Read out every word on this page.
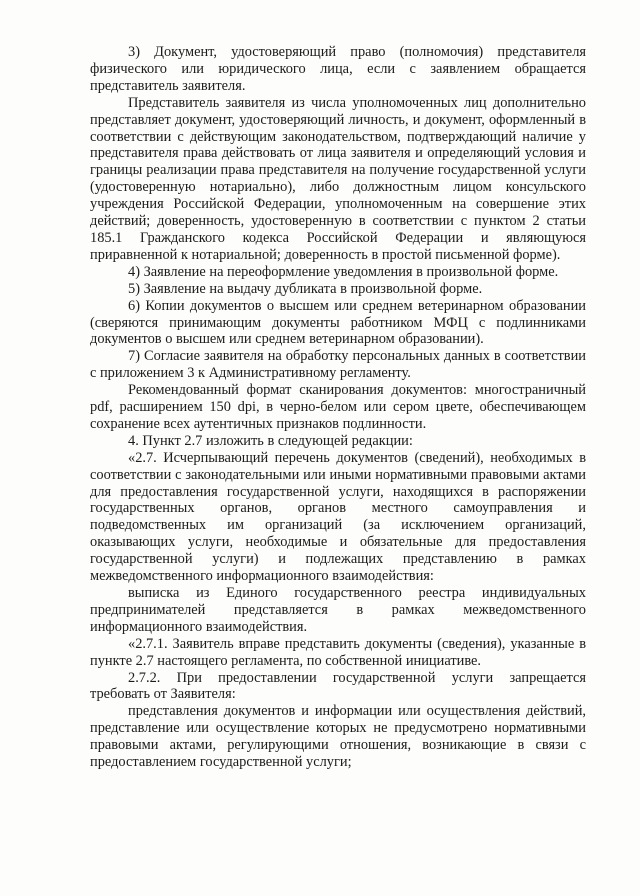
3) Документ, удостоверяющий право (полномочия) представителя физического или юридического лица, если с заявлением обращается представитель заявителя.

Представитель заявителя из числа уполномоченных лиц дополнительно представляет документ, удостоверяющий личность, и документ, оформленный в соответствии с действующим законодательством, подтверждающий наличие у представителя права действовать от лица заявителя и определяющий условия и границы реализации права представителя на получение государственной услуги (удостоверенную нотариально), либо должностным лицом консульского учреждения Российской Федерации, уполномоченным на совершение этих действий; доверенность, удостоверенную в соответствии с пунктом 2 статьи 185.1 Гражданского кодекса Российской Федерации и являющуюся приравненной к нотариальной; доверенность в простой письменной форме).

4) Заявление на переоформление уведомления в произвольной форме.

5) Заявление на выдачу дубликата в произвольной форме.

6) Копии документов о высшем или среднем ветеринарном образовании (сверяются принимающим документы работником МФЦ с подлинниками документов о высшем или среднем ветеринарном образовании).

7) Согласие заявителя на обработку персональных данных в соответствии с приложением 3 к Административному регламенту.

Рекомендованный формат сканирования документов: многостраничный pdf, расширением 150 dpi, в черно-белом или сером цвете, обеспечивающем сохранение всех аутентичных признаков подлинности.

4. Пункт 2.7 изложить в следующей редакции:

«2.7. Исчерпывающий перечень документов (сведений), необходимых в соответствии с законодательными или иными нормативными правовыми актами для предоставления государственной услуги, находящихся в распоряжении государственных органов, органов местного самоуправления и подведомственных им организаций (за исключением организаций, оказывающих услуги, необходимые и обязательные для предоставления государственной услуги) и подлежащих представлению в рамках межведомственного информационного взаимодействия:

выписка из Единого государственного реестра индивидуальных предпринимателей представляется в рамках межведомственного информационного взаимодействия.

«2.7.1. Заявитель вправе представить документы (сведения), указанные в пункте 2.7 настоящего регламента, по собственной инициативе.

2.7.2. При предоставлении государственной услуги запрещается требовать от Заявителя:

представления документов и информации или осуществления действий, представление или осуществление которых не предусмотрено нормативными правовыми актами, регулирующими отношения, возникающие в связи с предоставлением государственной услуги;
